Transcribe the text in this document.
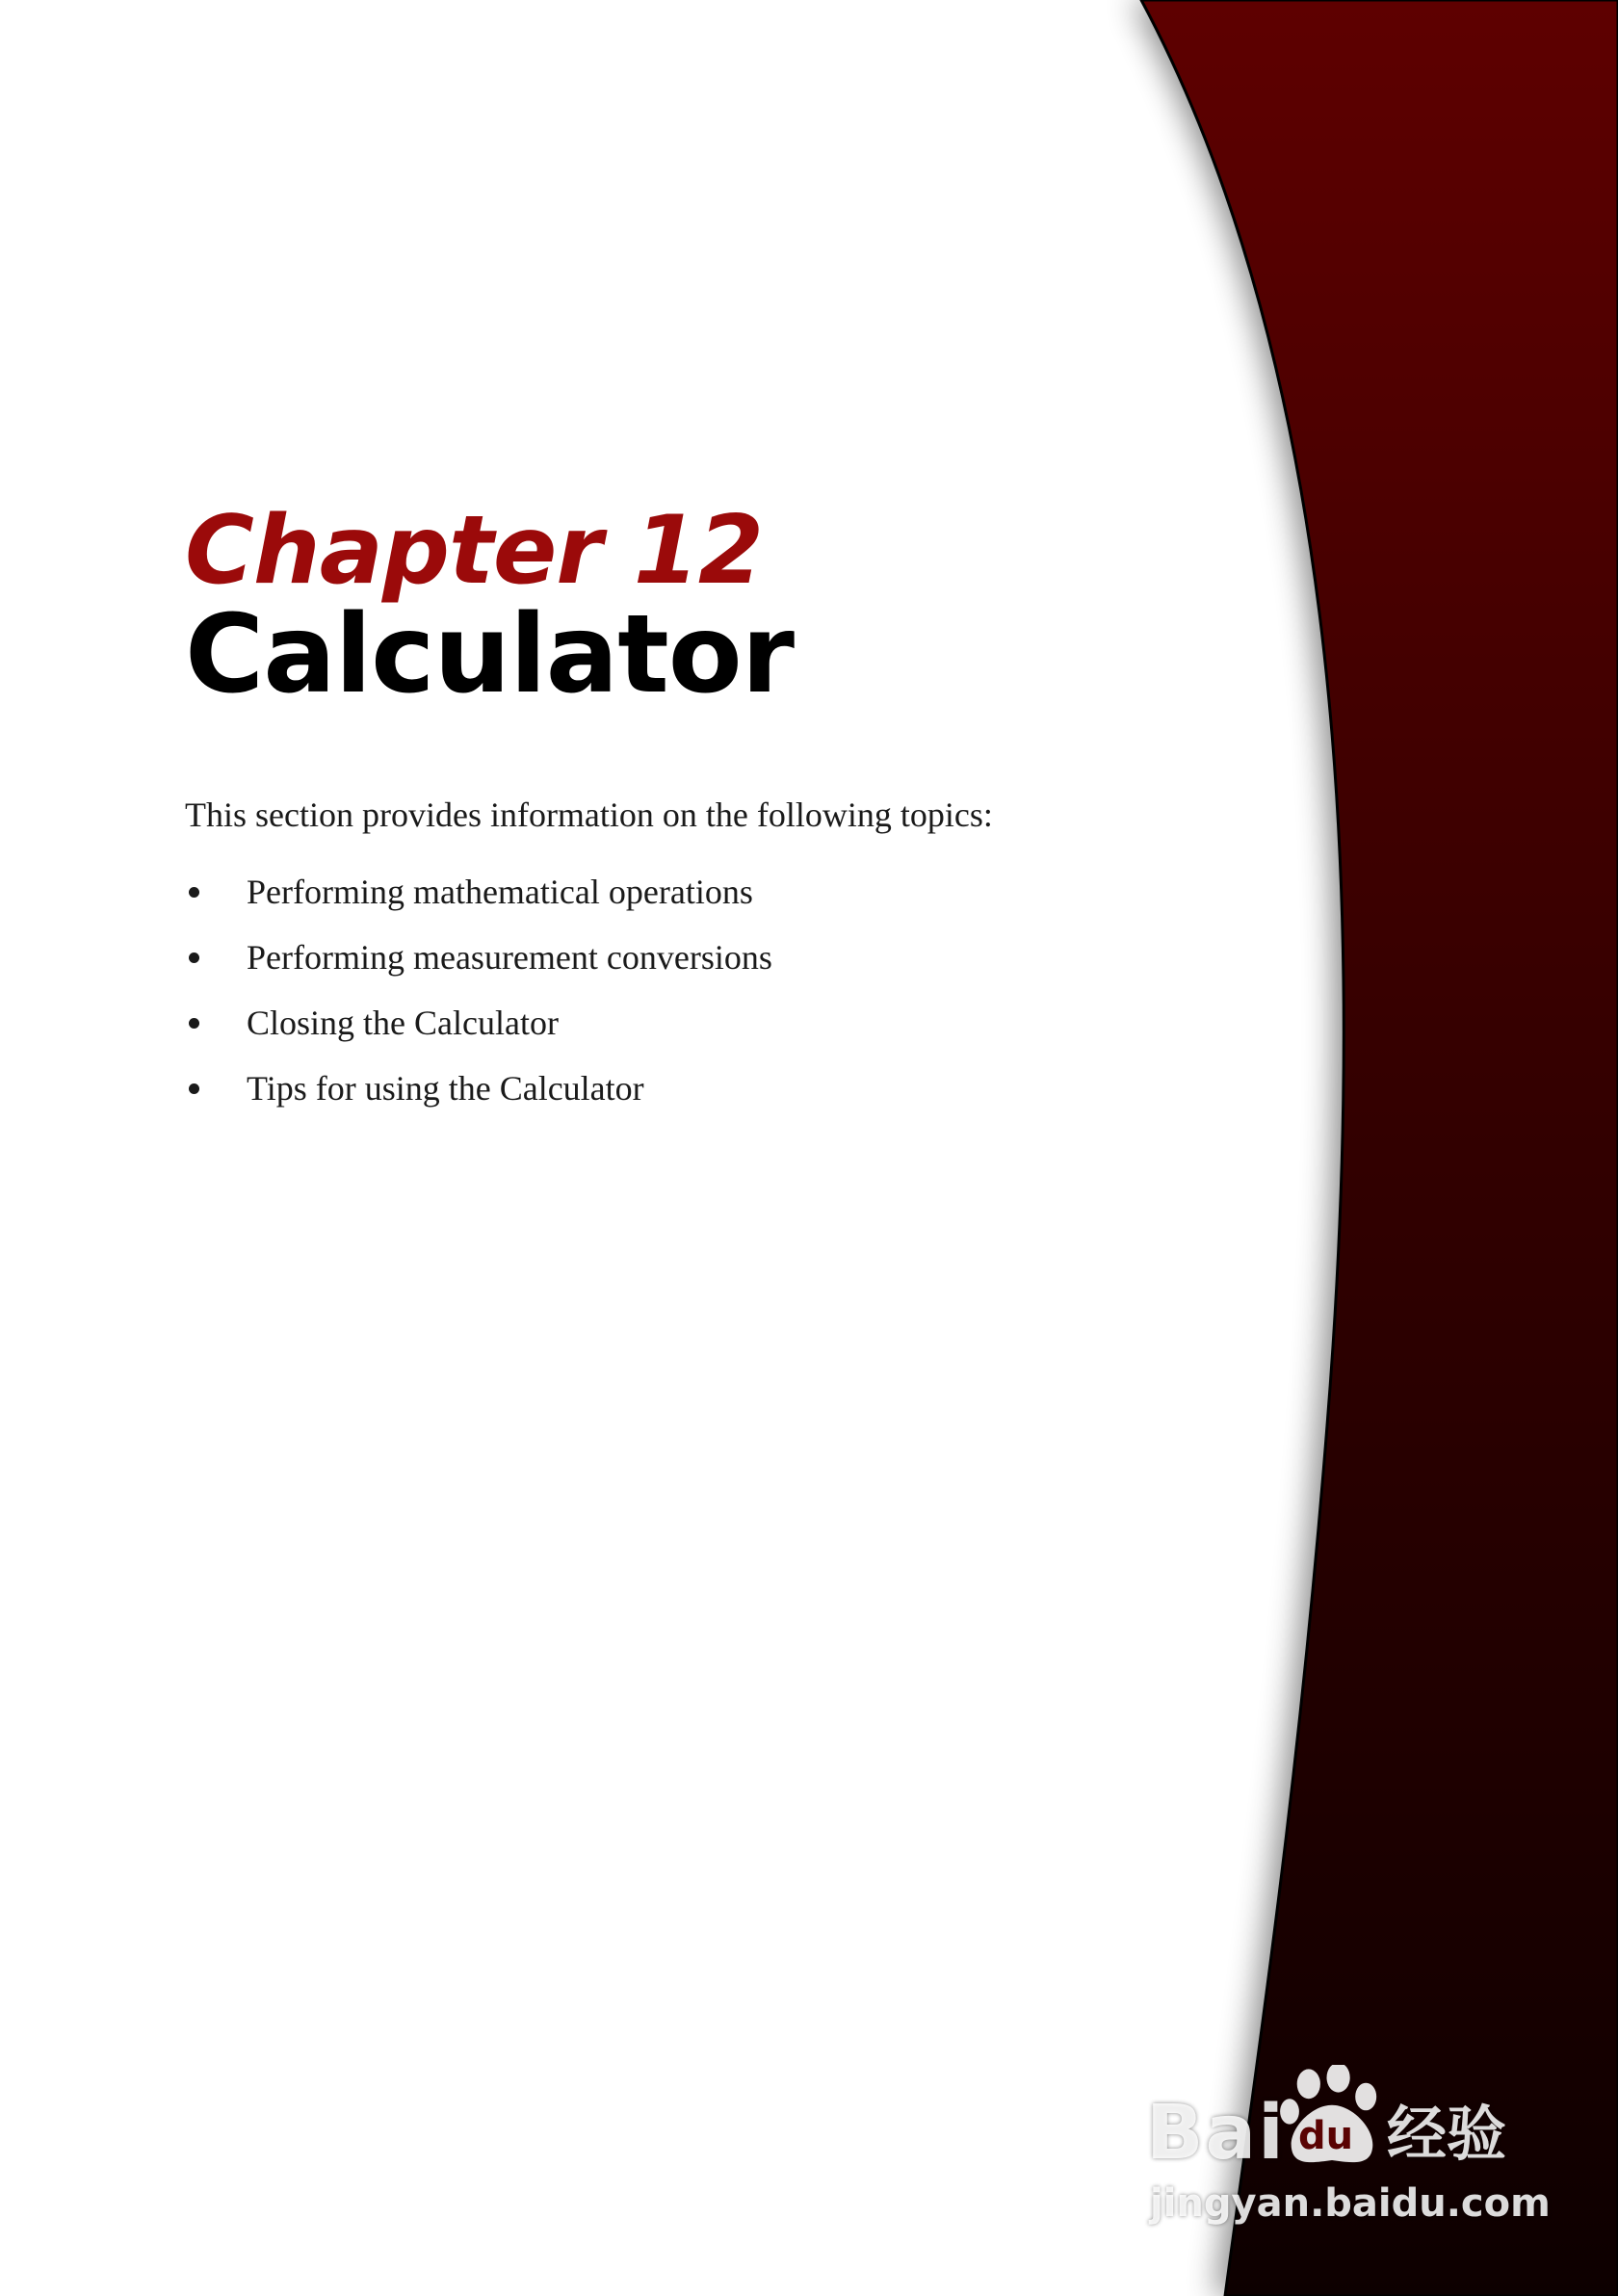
Chapter 12
Calculator

This section provides information on the following topics:

Performing mathematical operations
Performing measurement conversions
Closing the Calculator
Tips for using the Calculator
Bai du 经验
jingyan.baidu.com
